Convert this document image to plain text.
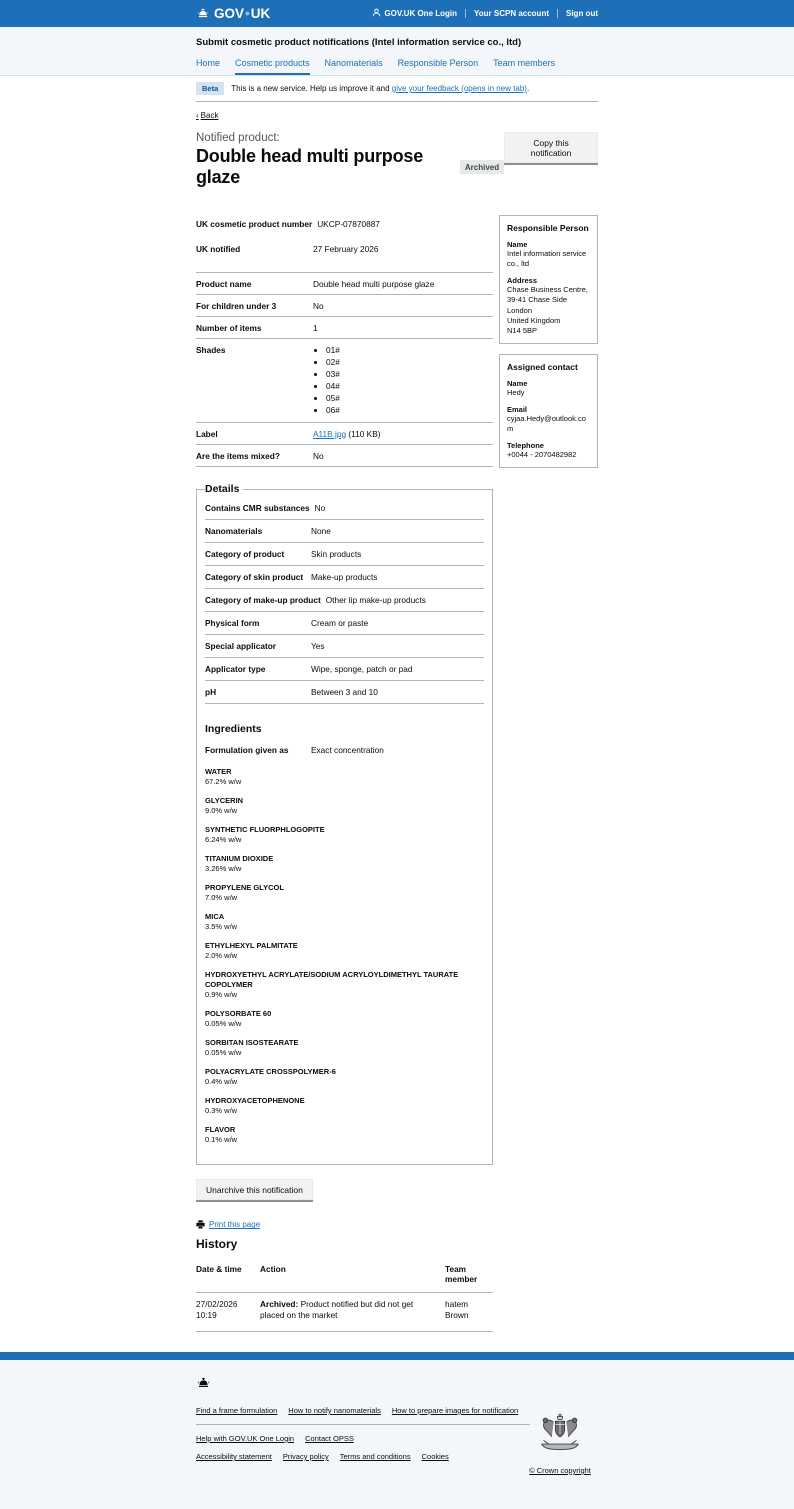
GOV•UK	GOV.UK One Login Your SCPN account Sign out
Submit cosmetic product notifications (Intel information service co., ltd)
Home Cosmetic products Nanomaterials Responsible Person Team members
Beta	This is a new service. Help us improve it and give your feedback (opens in new tab).
‹ Back

Notified product:

Double head multi purpose glaze	Archived
Copy this notification
UK cosmetic product number UKCP-07870887
UK notified	27 February 2026
Product name	Double head multi purpose glaze
For children under 3	No
Number of items	1
Shades	• 01#
• 02#
• 03#
• 04#
• 05#
• 06#
Label	A11B.jpg (110 KB)
Are the items mixed?	No
Details
Contains CMR substances No
Nanomaterials	None
Category of product	Skin products
Category of skin product Make-up products
Category of make-up product Other lip make-up products
Physical form	Cream or paste
Special applicator	Yes
Applicator type	Wipe, sponge, patch or pad
pH	Between 3 and 10
Ingredients
Formulation given as	Exact concentration
WATER
67.2% w/w
GLYCERIN
9.0% w/w
SYNTHETIC FLUORPHLOGOPITE
6.24% w/w
TITANIUM DIOXIDE
3.26% w/w
PROPYLENE GLYCOL
7.0% w/w
MICA
3.5% w/w
ETHYLHEXYL PALMITATE
2.0% w/w
HYDROXYETHYL ACRYLATE/SODIUM ACRYLOYLDIMETHYL TAURATE COPOLYMER
0.9% w/w
POLYSORBATE 60
0.05% w/w
SORBITAN ISOSTEARATE
0.05% w/w
POLYACRYLATE CROSSPOLYMER-6
0.4% w/w
HYDROXYACETOPHENONE
0.3% w/w
FLAVOR
0.1% w/w
Unarchive this notification
Print this page
History
Date & time	Action	Team member
27/02/2026 10:19	Archived: Product notified but did not get placed on the market	hatem Brown
Responsible Person
Name
Intel information service co., ltd
Address
Chase Business Centre, 39-41 Chase Side
London
United Kingdom
N14 5BP
Assigned contact
Name
Hedy
Email
cyjaa.Hedy@outlook.com
Telephone
+0044 - 2070482982
Find a frame formulation How to notify nanomaterials How to prepare images for notification
Help with GOV.UK One Login Contact OPSS
Accessibility statement Privacy policy Terms and conditions Cookies
© Crown copyright
